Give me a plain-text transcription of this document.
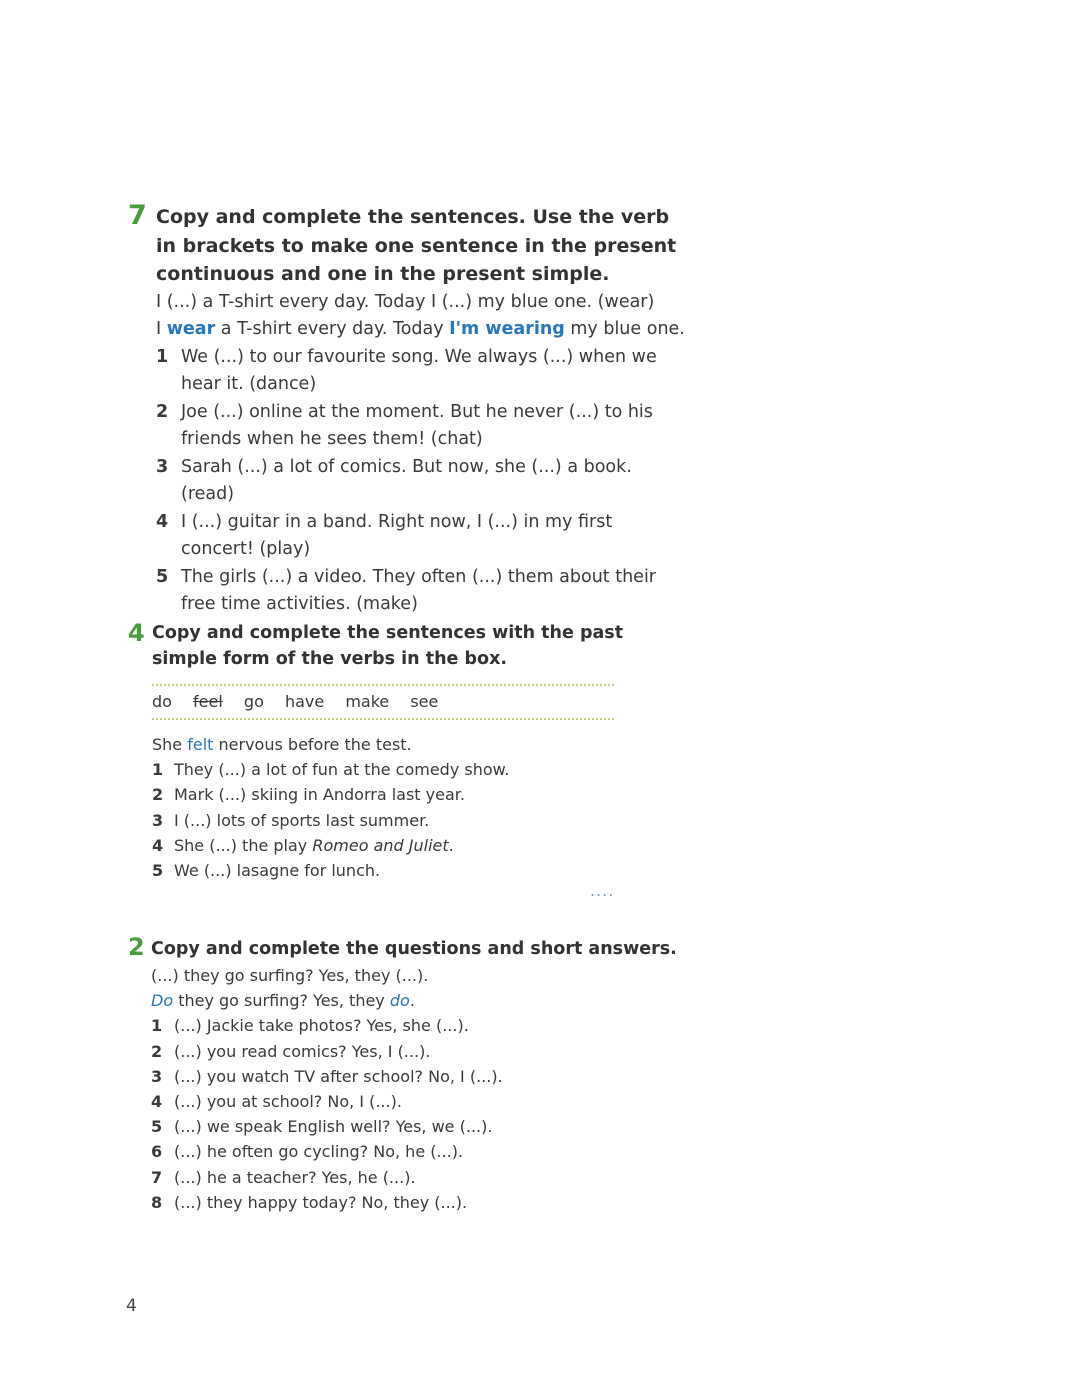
7 Copy and complete the sentences. Use the verb in brackets to make one sentence in the present continuous and one in the present simple.
I (...) a T-shirt every day. Today I (...) my blue one. (wear)
I wear a T-shirt every day. Today I'm wearing my blue one.
1 We (...) to our favourite song. We always (...) when we hear it. (dance)
2 Joe (...) online at the moment. But he never (...) to his friends when he sees them! (chat)
3 Sarah (...) a lot of comics. But now, she (...) a book. (read)
4 I (...) guitar in a band. Right now, I (...) in my first concert! (play)
5 The girls (...) a video. They often (...) them about their free time activities. (make)
4 Copy and complete the sentences with the past simple form of the verbs in the box.
do feel go have make see
She felt nervous before the test.
1 They (...) a lot of fun at the comedy show.
2 Mark (...) skiing in Andorra last year.
3 I (...) lots of sports last summer.
4 She (...) the play Romeo and Juliet.
5 We (...) lasagne for lunch.
....
2 Copy and complete the questions and short answers.
(...) they go surfing? Yes, they (...).
Do they go surfing? Yes, they do.
1 (...) Jackie take photos? Yes, she (...).
2 (...) you read comics? Yes, I (...).
3 (...) you watch TV after school? No, I (...).
4 (...) you at school? No, I (...).
5 (...) we speak English well? Yes, we (...).
6 (...) he often go cycling? No, he (...).
7 (...) he a teacher? Yes, he (...).
8 (...) they happy today? No, they (...).
4
